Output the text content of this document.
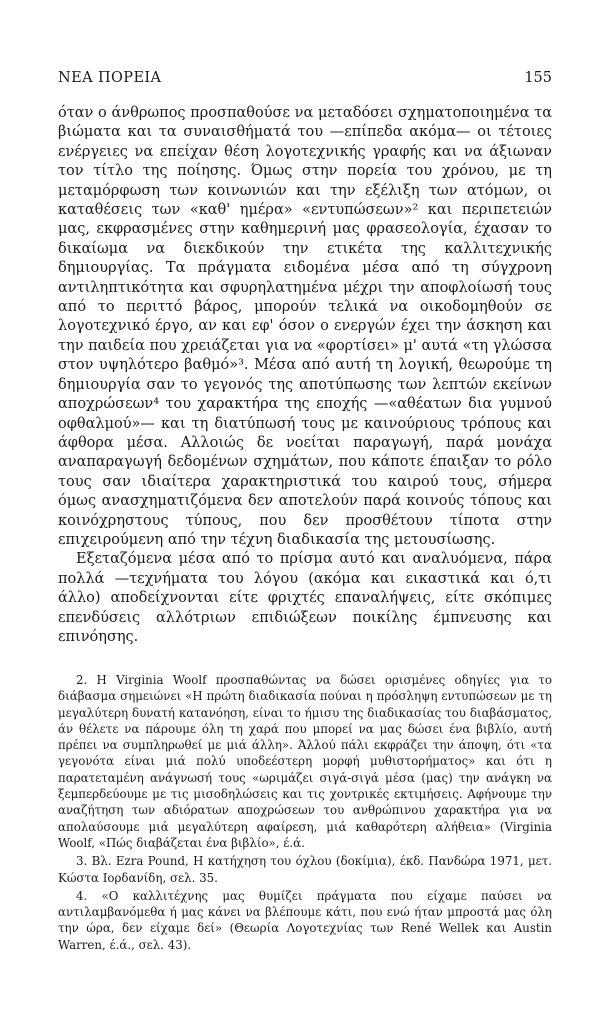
ΝΕΑ ΠΟΡΕΙΑ	155

όταν ο άνθρωπος προσπαθούσε να μεταδόσει σχηματοποιημένα τα βιώματα και τα συναισθήματά του —επίπεδα ακόμα— οι τέτοιες ενέργειες να επείχαν θέση λογοτεχνικής γραφής και να άξιωναν τον τίτλο της ποίησης. Όμως στην πορεία του χρόνου, με τη μεταμόρφωση των κοινωνιών και την εξέλιξη των ατόμων, οι καταθέσεις των «καθ' ημέρα» «εντυπώσεων»² και περιπετειών μας, εκφρασμένες στην καθημερινή μας φρασεολογία, έχασαν το δικαίωμα να διεκδικούν την ετικέτα της καλλιτεχνικής δημιουργίας. Τα πράγματα ειδομένα μέσα από τη σύγχρονη αντιληπτικότητα και σφυρηλατημένα μέχρι την αποφλοίωσή τους από το περιττό βάρος, μπορούν τελικά να οικοδομηθούν σε λογοτεχνικό έργο, αν και εφ' όσον ο ενεργών έχει την άσκηση και την παιδεία που χρειάζεται για να «φορτίσει» μ' αυτά «τη γλώσσα στον υψηλότερο βαθμό»³. Μέσα από αυτή τη λογική, θεωρούμε τη δημιουργία σαν το γεγονός της αποτύπωσης των λεπτών εκείνων αποχρώσεων⁴ του χαρακτήρα της εποχής —«αθέατων δια γυμνού οφθαλμού»— και τη διατύπωσή τους με καινούριους τρόπους και άφθορα μέσα. Αλλοιώς δε νοείται παραγωγή, παρά μονάχα αναπαραγωγή δεδομένων σχημάτων, που κάποτε έπαιξαν το ρόλο τους σαν ιδιαίτερα χαρακτηριστικά του καιρού τους, σήμερα όμως ανασχηματιζόμενα δεν αποτελούν παρά κοινούς τόπους και κοινόχρηστους τύπους, που δεν προσθέτουν τίποτα στην επιχειρούμενη από την τέχνη διαδικασία της μετουσίωσης.

Εξεταζόμενα μέσα από το πρίσμα αυτό και αναλυόμενα, πάρα πολλά —τεχνήματα του λόγου (ακόμα και εικαστικά και ό,τι άλλο) αποδείχνονται είτε φριχτές επαναλήψεις, είτε σκόπιμες επενδύσεις αλλότριων επιδιώξεων ποικίλης έμπνευσης και επινόησης.

2. Η Virginia Woolf προσπαθώντας να δώσει ορισμένες οδηγίες για το διάβασμα σημειώνει «Η πρώτη διαδικασία πούναι η πρόσληψη εντυπώσεων με τη μεγαλύτερη δυνατή κατανόηση, είναι το ήμισυ της διαδικασίας του διαβάσματος, άν θέλετε να πάρουμε όλη τη χαρά που μπορεί να μας δώσει ένα βιβλίο, αυτή πρέπει να συμπληρωθεί με μιά άλλη». Άλλού πάλι εκφράζει την άποψη, ότι «τα γεγονότα είναι μιά πολύ υποδεέστερη μορφή μυθιστορήματος» και ότι η παρατεταμένη ανάγνωσή τους «ωριμάζει σιγά-σιγά μέσα (μας) την ανάγκη να ξεμπερδεύουμε με τις μισοδηλώσεις και τις χοντρικές εκτιμήσεις. Αφήνουμε την αναζήτηση των αδιόρατων αποχρώσεων του ανθρώπινου χαρακτήρα για να απολαύσουμε μιά μεγαλύτερη αφαίρεση, μιά καθαρότερη αλήθεια» (Virginia Woolf, «Πώς διαβάζεται ένα βιβλίο», έ.ά.

3. Βλ. Ezra Pound, Η κατήχηση του όχλου (δοκίμια), έκδ. Πανδώρα 1971, μετ. Κώστα Ιορδανίδη, σελ. 35.

4. «Ο καλλιτέχνης μας θυμίζει πράγματα που είχαμε παύσει να αντιλαμβανόμεθα ή μας κάνει να βλέπουμε κάτι, που ενώ ήταν μπροστά μας όλη την ώρα, δεν είχαμε δεί» (Θεωρία Λογοτεχνίας των René Wellek και Austin Warren, έ.ά., σελ. 43).
